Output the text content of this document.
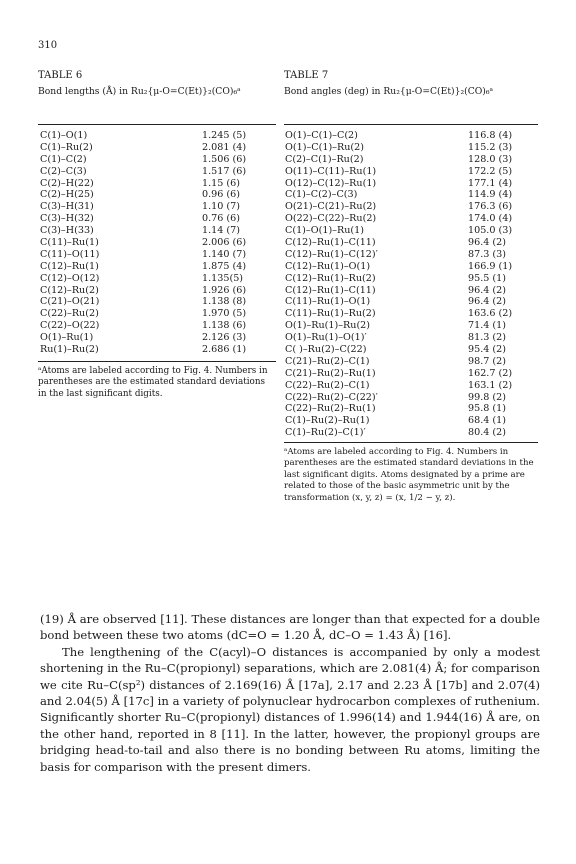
310
TABLE 6
Bond lengths (Å) in Ru₂{μ-O=C(Et)}₂(CO)₆ᵃ
C(1)–O(1)	1.245 (5)
C(1)–Ru(2)	2.081 (4)
C(1)–C(2)	1.506 (6)
C(2)–C(3)	1.517 (6)
C(2)–H(22)	1.15 (6)
C(2)–H(25)	0.96 (6)
C(3)–H(31)	1.10 (7)
C(3)–H(32)	0.76 (6)
C(3)–H(33)	1.14 (7)
C(11)–Ru(1)	2.006 (6)
C(11)–O(11)	1.140 (7)
C(12)–Ru(1)	1.875 (4)
C(12)–O(12)	1.135(5)
C(12)–Ru(2)	1.926 (6)
C(21)–O(21)	1.138 (8)
C(22)–Ru(2)	1.970 (5)
C(22)–O(22)	1.138 (6)
O(1)–Ru(1)	2.126 (3)
Ru(1)–Ru(2)	2.686 (1)
ᵃAtoms are labeled according to Fig. 4. Numbers in parentheses are the estimated standard deviations in the last significant digits.
TABLE 7
Bond angles (deg) in Ru₂{μ-O=C(Et)}₂(CO)₆ᵃ
O(1)–C(1)–C(2)	116.8 (4)
O(1)–C(1)–Ru(2)	115.2 (3)
C(2)–C(1)–Ru(2)	128.0 (3)
O(11)–C(11)–Ru(1)	172.2 (5)
O(12)–C(12)–Ru(1)	177.1 (4)
C(1)–C(2)–C(3)	114.9 (4)
O(21)–C(21)–Ru(2)	176.3 (6)
O(22)–C(22)–Ru(2)	174.0 (4)
C(1)–O(1)–Ru(1)	105.0 (3)
C(12)–Ru(1)–C(11)	96.4 (2)
C(12)–Ru(1)–C(12)′	87.3 (3)
C(12)–Ru(1)–O(1)	166.9 (1)
C(12)–Ru(1)–Ru(2)	95.5 (1)
C(12)–Ru(1)–C(11)	96.4 (2)
C(11)–Ru(1)–O(1)	96.4 (2)
C(11)–Ru(1)–Ru(2)	163.6 (2)
O(1)–Ru(1)–Ru(2)	71.4 (1)
O(1)–Ru(1)–O(1)′	81.3 (2)
C( )–Ru(2)–C(22)	95.4 (2)
C(21)–Ru(2)–C(1)	98.7 (2)
C(21)–Ru(2)–Ru(1)	162.7 (2)
C(22)–Ru(2)–C(1)	163.1 (2)
C(22)–Ru(2)–C(22)′	99.8 (2)
C(22)–Ru(2)–Ru(1)	95.8 (1)
C(1)–Ru(2)–Ru(1)	68.4 (1)
C(1)–Ru(2)–C(1)′	80.4 (2)
ᵃAtoms are labeled according to Fig. 4. Numbers in parentheses are the estimated standard deviations in the last significant digits. Atoms designated by a prime are related to those of the basic asymmetric unit by the transformation (x, y, z) = (x, 1/2 − y, z).

(19) Å are observed [11]. These distances are longer than that expected for a double bond between these two atoms (dC=O = 1.20 Å, dC–O = 1.43 Å) [16].

The lengthening of the C(acyl)–O distances is accompanied by only a modest shortening in the Ru–C(propionyl) separations, which are 2.081(4) Å; for comparison we cite Ru–C(sp²) distances of 2.169(16) Å [17a], 2.17 and 2.23 Å [17b] and 2.07(4) and 2.04(5) Å [17c] in a variety of polynuclear hydrocarbon complexes of ruthenium. Significantly shorter Ru–C(propionyl) distances of 1.996(14) and 1.944(16) Å are, on the other hand, reported in 8 [11]. In the latter, however, the propionyl groups are bridging head-to-tail and also there is no bonding between Ru atoms, limiting the basis for comparison with the present dimers.
